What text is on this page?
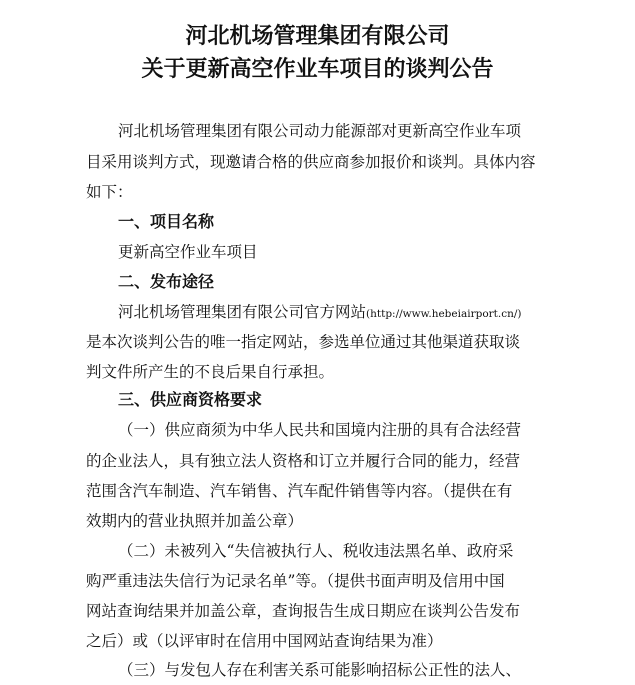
河北机场管理集团有限公司
关于更新高空作业车项目的谈判公告
河北机场管理集团有限公司动力能源部对更新高空作业车项
目采用谈判方式，现邀请合格的供应商参加报价和谈判。具体内容
如下：
一、项目名称
更新高空作业车项目
二、发布途径
河北机场管理集团有限公司官方网站(http://www.hebeiairport.cn/)
是本次谈判公告的唯一指定网站，参选单位通过其他渠道获取谈
判文件所产生的不良后果自行承担。
三、供应商资格要求
（一）供应商须为中华人民共和国境内注册的具有合法经营
的企业法人，具有独立法人资格和订立并履行合同的能力，经营
范围含汽车制造、汽车销售、汽车配件销售等内容。（提供在有
效期内的营业执照并加盖公章）
（二）未被列入“失信被执行人、税收违法黑名单、政府采
购严重违法失信行为记录名单”等。（提供书面声明及信用中国
网站查询结果并加盖公章，查询报告生成日期应在谈判公告发布
之后）或（以评审时在信用中国网站查询结果为准）
（三）与发包人存在利害关系可能影响招标公正性的法人、
